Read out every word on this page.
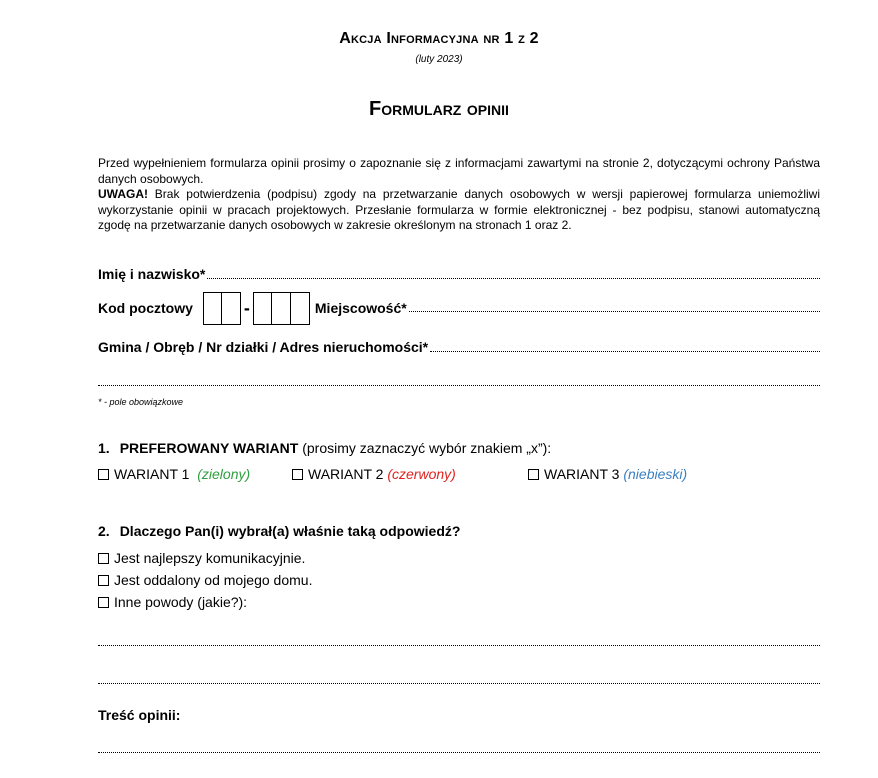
Akcja Informacyjna nr 1 z 2
(luty 2023)
Formularz opinii

Przed wypełnieniem formularza opinii prosimy o zapoznanie się z informacjami zawartymi na stronie 2, dotyczącymi ochrony Państwa danych osobowych.

UWAGA! Brak potwierdzenia (podpisu) zgody na przetwarzanie danych osobowych w wersji papierowej formularza uniemożliwi wykorzystanie opinii w pracach projektowych. Przesłanie formularza w formie elektronicznej - bez podpisu, stanowi automatyczną zgodę na przetwarzanie danych osobowych w zakresie określonym na stronach 1 oraz 2.

Imię i nazwisko*
Kod pocztowy	-	Miejscowość*
Gmina / Obręb / Nr działki / Adres nieruchomości*
* - pole obowiązkowe
1. PREFEROWANY WARIANT (prosimy zaznaczyć wybór znakiem „x”):
WARIANT 1
(zielony)	WARIANT 2
(czerwony)	WARIANT 3
(niebieski)
2. Dlaczego Pan(i) wybrał(a) właśnie taką odpowiedź?
Jest najlepszy komunikacyjnie.
Jest oddalony od mojego domu.
Inne powody (jakie?):
Treść opinii:
